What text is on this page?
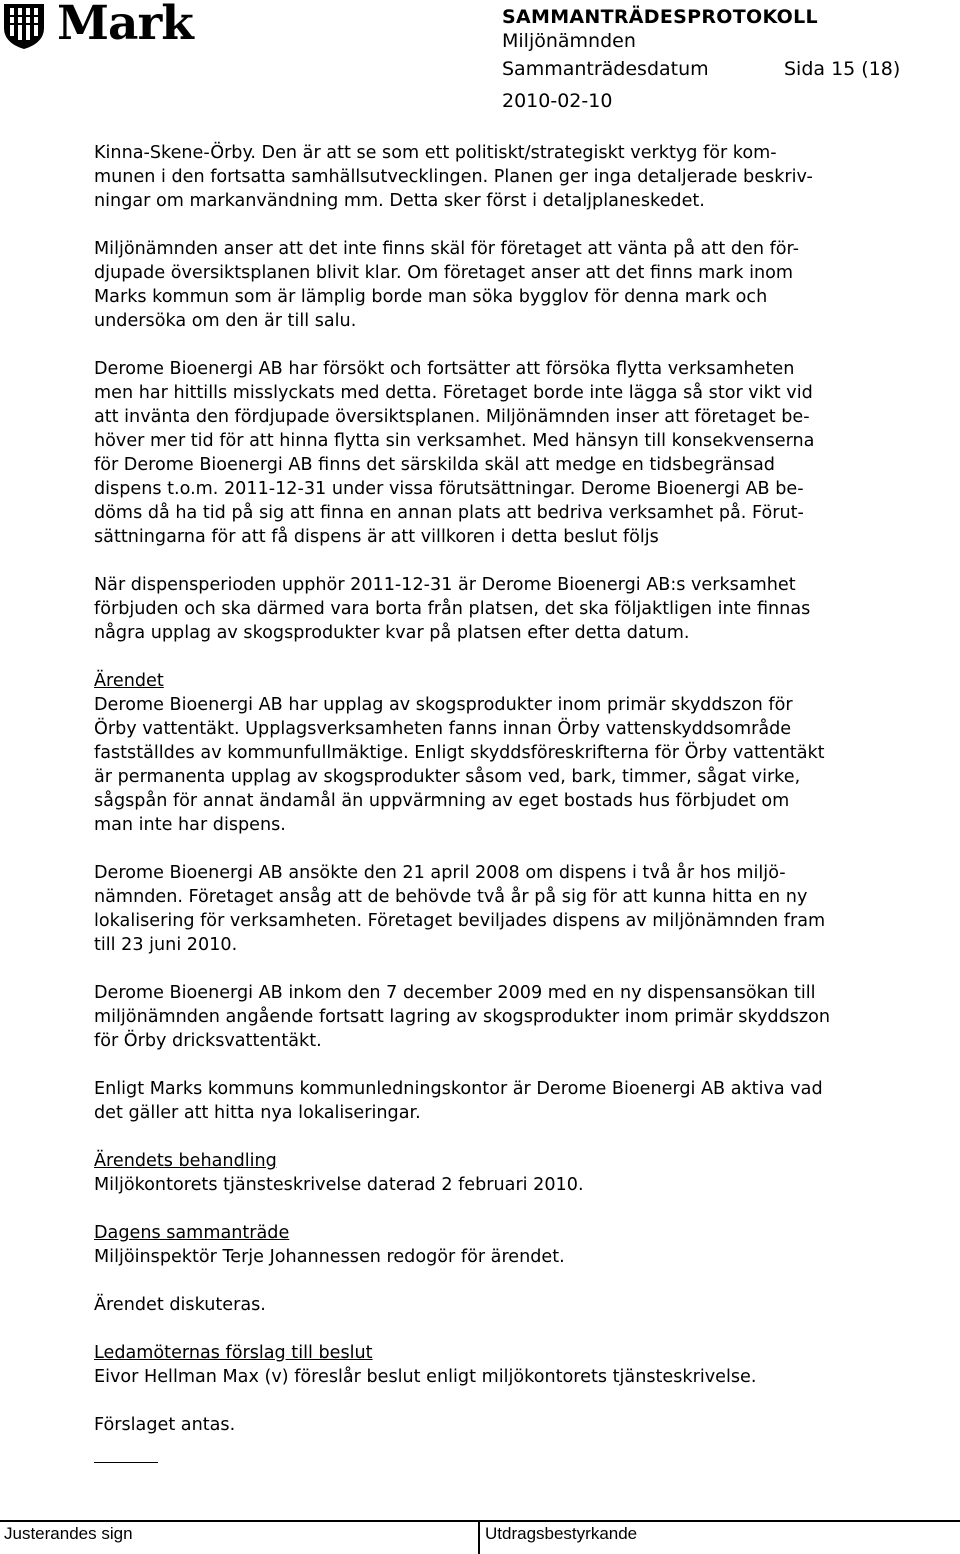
Mark	SAMMANTRÄDESPROTOKOLL
Miljönämnden
Sammanträdesdatum	Sida 15 (18)
2010-02-10

Kinna-Skene-Örby. Den är att se som ett politiskt/strategiskt verktyg för kom-
munen i den fortsatta samhällsutvecklingen. Planen ger inga detaljerade beskriv-
ningar om markanvändning mm. Detta sker först i detaljplaneskedet.

Miljönämnden anser att det inte finns skäl för företaget att vänta på att den för-
djupade översiktsplanen blivit klar. Om företaget anser att det finns mark inom
Marks kommun som är lämplig borde man söka bygglov för denna mark och
undersöka om den är till salu.

Derome Bioenergi AB har försökt och fortsätter att försöka flytta verksamheten
men har hittills misslyckats med detta. Företaget borde inte lägga så stor vikt vid
att invänta den fördjupade översiktsplanen. Miljönämnden inser att företaget be-
höver mer tid för att hinna flytta sin verksamhet. Med hänsyn till konsekvenserna
för Derome Bioenergi AB finns det särskilda skäl att medge en tidsbegränsad
dispens t.o.m. 2011-12-31 under vissa förutsättningar. Derome Bioenergi AB be-
döms då ha tid på sig att finna en annan plats att bedriva verksamhet på. Förut-
sättningarna för att få dispens är att villkoren i detta beslut följs

När dispensperioden upphör 2011-12-31 är Derome Bioenergi AB:s verksamhet
förbjuden och ska därmed vara borta från platsen, det ska följaktligen inte finnas
några upplag av skogsprodukter kvar på platsen efter detta datum.

Ärendet
Derome Bioenergi AB har upplag av skogsprodukter inom primär skyddszon för
Örby vattentäkt. Upplagsverksamheten fanns innan Örby vattenskyddsområde
fastställdes av kommunfullmäktige. Enligt skyddsföreskrifterna för Örby vattentäkt
är permanenta upplag av skogsprodukter såsom ved, bark, timmer, sågat virke,
sågspån för annat ändamål än uppvärmning av eget bostads hus förbjudet om
man inte har dispens.

Derome Bioenergi AB ansökte den 21 april 2008 om dispens i två år hos miljö-
nämnden. Företaget ansåg att de behövde två år på sig för att kunna hitta en ny
lokalisering för verksamheten. Företaget beviljades dispens av miljönämnden fram
till 23 juni 2010.

Derome Bioenergi AB inkom den 7 december 2009 med en ny dispensansökan till
miljönämnden angående fortsatt lagring av skogsprodukter inom primär skyddszon
för Örby dricksvattentäkt.

Enligt Marks kommuns kommunledningskontor är Derome Bioenergi AB aktiva vad
det gäller att hitta nya lokaliseringar.

Ärendets behandling
Miljökontorets tjänsteskrivelse daterad 2 februari 2010.

Dagens sammanträde
Miljöinspektör Terje Johannessen redogör för ärendet.

Ärendet diskuteras.

Ledamöternas förslag till beslut
Eivor Hellman Max (v) föreslår beslut enligt miljökontorets tjänsteskrivelse.

Förslaget antas.

Justerandes sign	Utdragsbestyrkande
